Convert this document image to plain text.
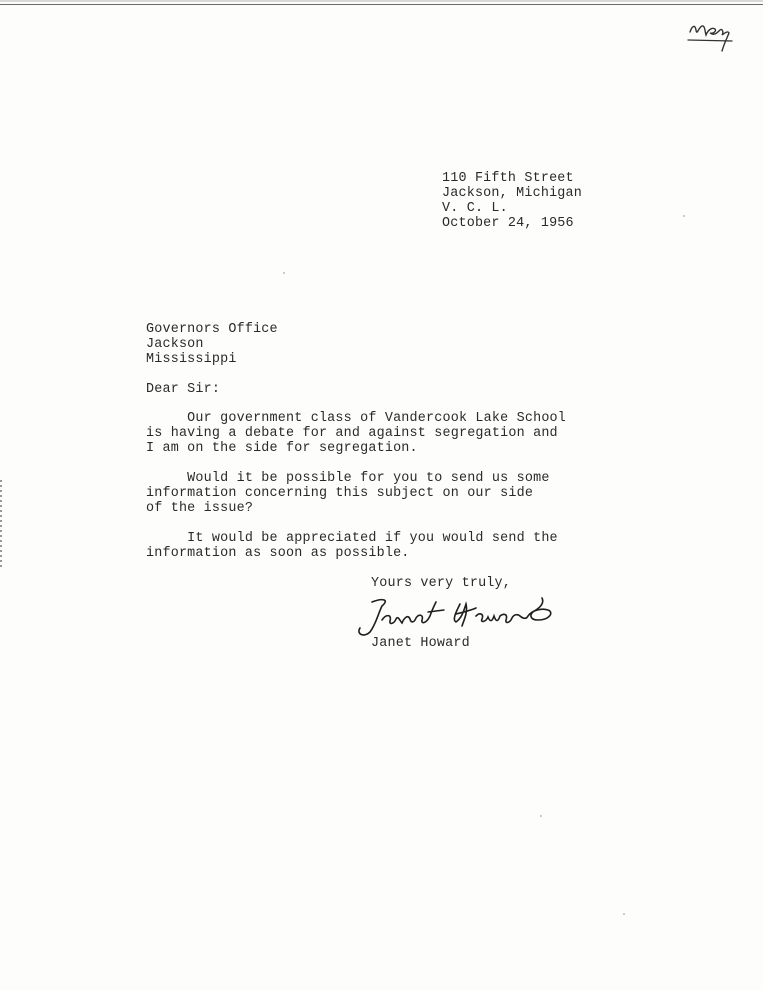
110 Fifth Street
Jackson, Michigan
V. C. L.
October 24, 1956
Governors Office
Jackson
Mississippi
Dear Sir:
Our government class of Vandercook Lake School
is having a debate for and against segregation and
I am on the side for segregation.
Would it be possible for you to send us some
information concerning this subject on our side
of the issue?
It would be appreciated if you would send the
information as soon as possible.
Yours very truly,
Janet Howard
